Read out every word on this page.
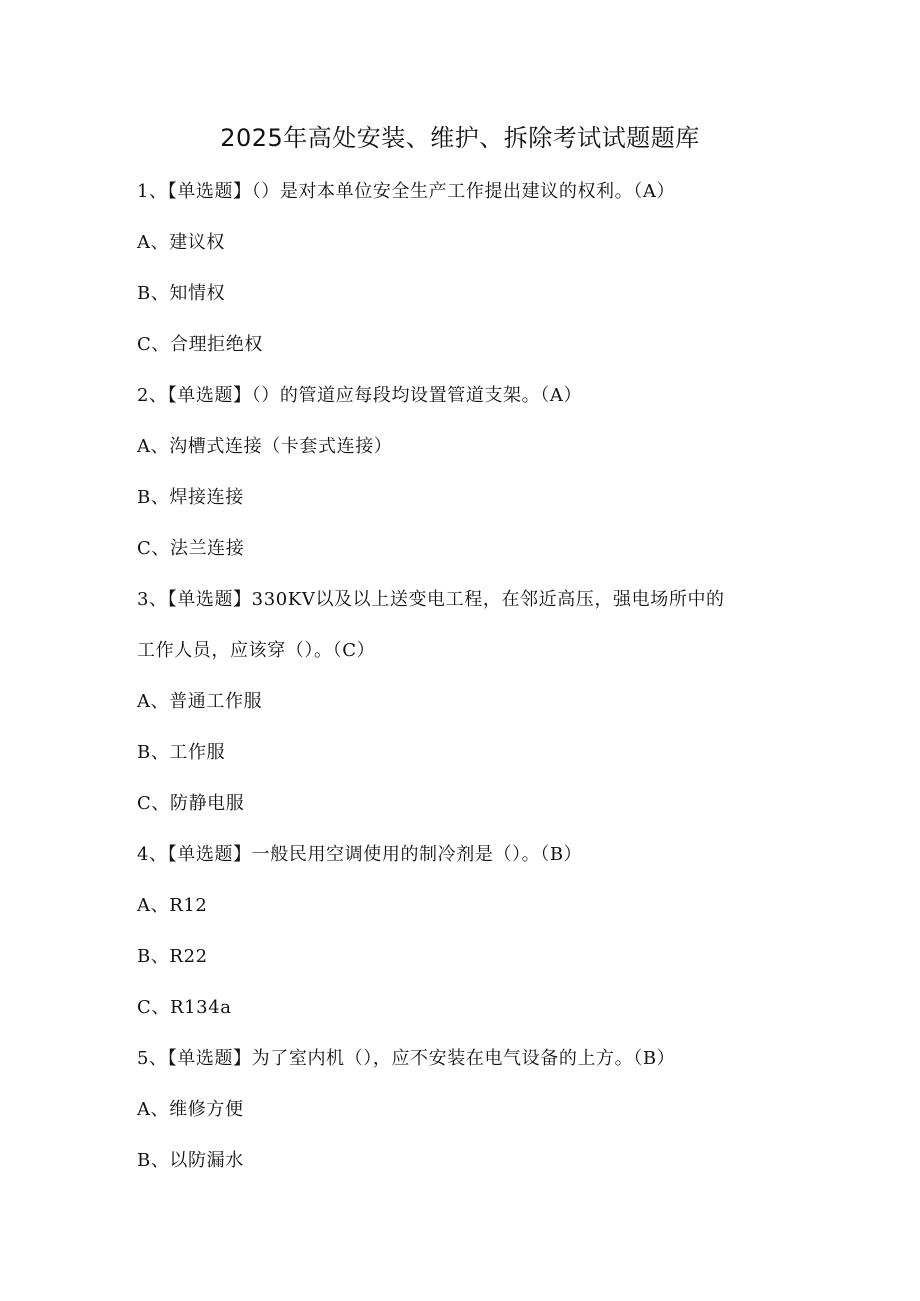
2025年高处安装、维护、拆除考试试题题库
1、【单选题】（）是对本单位安全生产工作提出建议的权利。（A）
A、建议权
B、知情权
C、合理拒绝权
2、【单选题】（）的管道应每段均设置管道支架。（A）
A、沟槽式连接（卡套式连接）
B、焊接连接
C、法兰连接
3、【单选题】330KV以及以上送变电工程，在邻近高压，强电场所中的
工作人员，应该穿（）。（C）
A、普通工作服
B、工作服
C、防静电服
4、【单选题】一般民用空调使用的制冷剂是（）。（B）
A、R12
B、R22
C、R134a
5、【单选题】为了室内机（），应不安装在电气设备的上方。（B）
A、维修方便
B、以防漏水
